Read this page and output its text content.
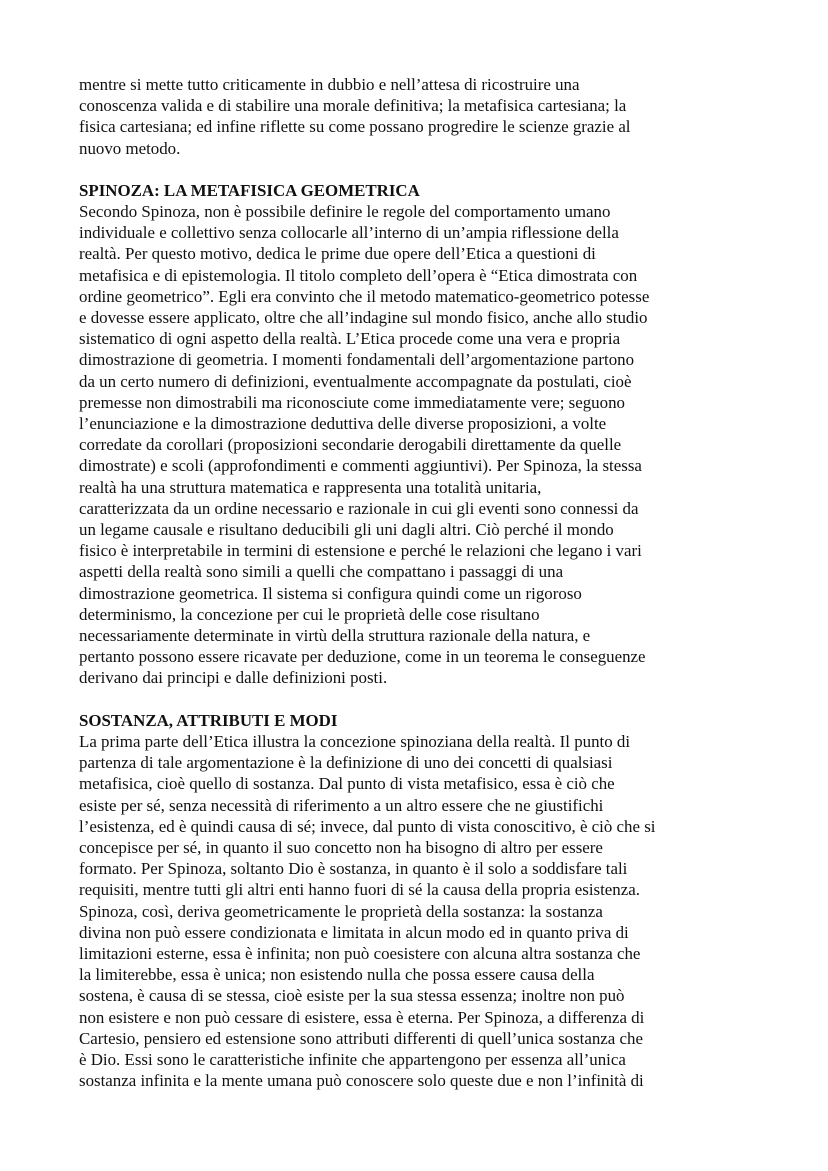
mentre si mette tutto criticamente in dubbio e nell’attesa di ricostruire una
conoscenza valida e di stabilire una morale definitiva; la metafisica cartesiana; la
fisica cartesiana; ed infine riflette su come possano progredire le scienze grazie al
nuovo metodo.

SPINOZA: LA METAFISICA GEOMETRICA

Secondo Spinoza, non è possibile definire le regole del comportamento umano
individuale e collettivo senza collocarle all’interno di un’ampia riflessione della
realtà. Per questo motivo, dedica le prime due opere dell’Etica a questioni di
metafisica e di epistemologia. Il titolo completo dell’opera è “Etica dimostrata con
ordine geometrico”. Egli era convinto che il metodo matematico-geometrico potesse
e dovesse essere applicato, oltre che all’indagine sul mondo fisico, anche allo studio
sistematico di ogni aspetto della realtà. L’Etica procede come una vera e propria
dimostrazione di geometria. I momenti fondamentali dell’argomentazione partono
da un certo numero di definizioni, eventualmente accompagnate da postulati, cioè
premesse non dimostrabili ma riconosciute come immediatamente vere; seguono
l’enunciazione e la dimostrazione deduttiva delle diverse proposizioni, a volte
corredate da corollari (proposizioni secondarie derogabili direttamente da quelle
dimostrate) e scoli (approfondimenti e commenti aggiuntivi). Per Spinoza, la stessa
realtà ha una struttura matematica e rappresenta una totalità unitaria,
caratterizzata da un ordine necessario e razionale in cui gli eventi sono connessi da
un legame causale e risultano deducibili gli uni dagli altri. Ciò perché il mondo
fisico è interpretabile in termini di estensione e perché le relazioni che legano i vari
aspetti della realtà sono simili a quelli che compattano i passaggi di una
dimostrazione geometrica. Il sistema si configura quindi come un rigoroso
determinismo, la concezione per cui le proprietà delle cose risultano
necessariamente determinate in virtù della struttura razionale della natura, e
pertanto possono essere ricavate per deduzione, come in un teorema le conseguenze
derivano dai principi e dalle definizioni posti.

SOSTANZA, ATTRIBUTI E MODI

La prima parte dell’Etica illustra la concezione spinoziana della realtà. Il punto di
partenza di tale argomentazione è la definizione di uno dei concetti di qualsiasi
metafisica, cioè quello di sostanza. Dal punto di vista metafisico, essa è ciò che
esiste per sé, senza necessità di riferimento a un altro essere che ne giustifichi
l’esistenza, ed è quindi causa di sé; invece, dal punto di vista conoscitivo, è ciò che si
concepisce per sé, in quanto il suo concetto non ha bisogno di altro per essere
formato. Per Spinoza, soltanto Dio è sostanza, in quanto è il solo a soddisfare tali
requisiti, mentre tutti gli altri enti hanno fuori di sé la causa della propria esistenza.
Spinoza, così, deriva geometricamente le proprietà della sostanza: la sostanza
divina non può essere condizionata e limitata in alcun modo ed in quanto priva di
limitazioni esterne, essa è infinita; non può coesistere con alcuna altra sostanza che
la limiterebbe, essa è unica; non esistendo nulla che possa essere causa della
sostena, è causa di se stessa, cioè esiste per la sua stessa essenza; inoltre non può
non esistere e non può cessare di esistere, essa è eterna. Per Spinoza, a differenza di
Cartesio, pensiero ed estensione sono attributi differenti di quell’unica sostanza che
è Dio. Essi sono le caratteristiche infinite che appartengono per essenza all’unica
sostanza infinita e la mente umana può conoscere solo queste due e non l’infinità di
